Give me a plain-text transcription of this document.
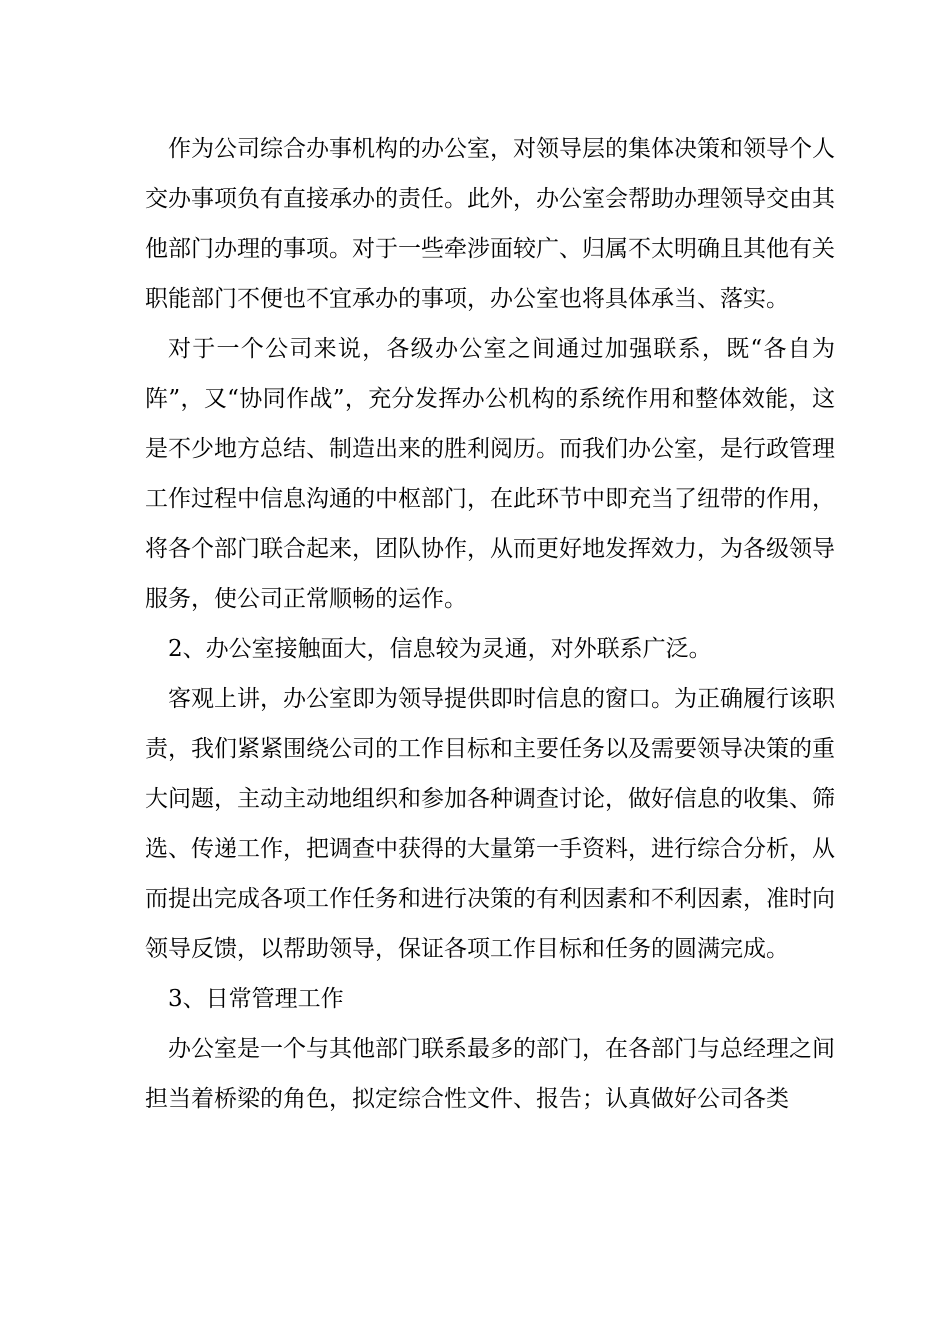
作为公司综合办事机构的办公室，对领导层的集体决策和领导个人交办事项负有直接承办的责任。此外，办公室会帮助办理领导交由其他部门办理的事项。对于一些牵涉面较广、归属不太明确且其他有关职能部门不便也不宜承办的事项，办公室也将具体承当、落实。

对于一个公司来说，各级办公室之间通过加强联系，既“各自为阵”，又“协同作战”，充分发挥办公机构的系统作用和整体效能，这是不少地方总结、制造出来的胜利阅历。而我们办公室，是行政管理工作过程中信息沟通的中枢部门，在此环节中即充当了纽带的作用，将各个部门联合起来，团队协作，从而更好地发挥效力，为各级领导服务，使公司正常顺畅的运作。

2、办公室接触面大，信息较为灵通，对外联系广泛。

客观上讲，办公室即为领导提供即时信息的窗口。为正确履行该职责，我们紧紧围绕公司的工作目标和主要任务以及需要领导决策的重大问题，主动主动地组织和参加各种调查讨论，做好信息的收集、筛选、传递工作，把调查中获得的大量第一手资料，进行综合分析，从而提出完成各项工作任务和进行决策的有利因素和不利因素，准时向领导反馈，以帮助领导，保证各项工作目标和任务的圆满完成。

3、日常管理工作

办公室是一个与其他部门联系最多的部门，在各部门与总经理之间担当着桥梁的角色，拟定综合性文件、报告；认真做好公司各类
